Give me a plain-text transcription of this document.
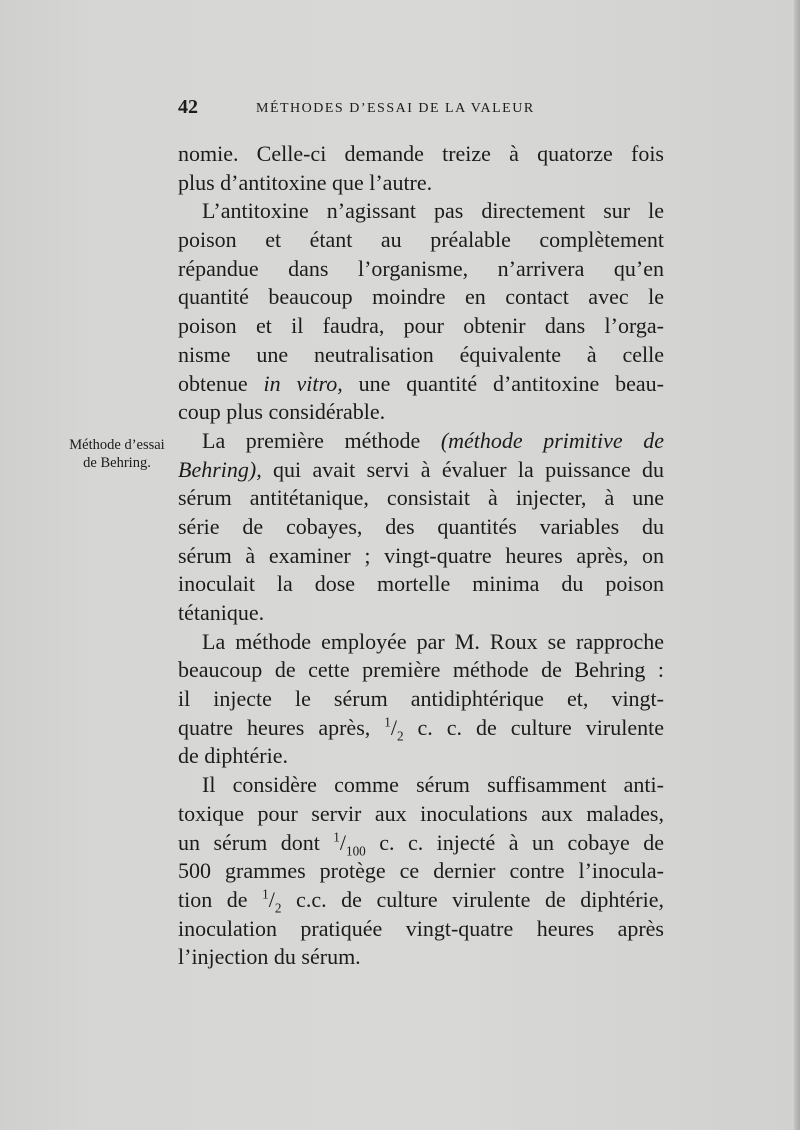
42	MÉTHODES D’ESSAI DE LA VALEUR
Méthode d’essai
de Behring.
nomie. Celle-ci demande treize à quatorze fois
plus d’antitoxine que l’autre.
L’antitoxine n’agissant pas directement sur le
poison et étant au préalable complètement
répandue dans l’organisme, n’arrivera qu’en
quantité beaucoup moindre en contact avec le
poison et il faudra, pour obtenir dans l’orga-
nisme une neutralisation équivalente à celle
obtenue in vitro, une quantité d’antitoxine beau-
coup plus considérable.
La première méthode (méthode primitive de
Behring), qui avait servi à évaluer la puissance du
sérum antitétanique, consistait à injecter, à une
série de cobayes, des quantités variables du
sérum à examiner ; vingt-quatre heures après, on
inoculait la dose mortelle minima du poison
tétanique.
La méthode employée par M. Roux se rapproche
beaucoup de cette première méthode de Behring :
il injecte le sérum antidiphtérique et, vingt-
quatre heures après, $^1/_2$ c. c. de culture virulente
de diphtérie.
Il considère comme sérum suffisamment anti-
toxique pour servir aux inoculations aux malades,
un sérum dont $^1/_{100}$ c. c. injecté à un cobaye de
500 grammes protège ce dernier contre l’inocula-
tion de $^1/_2$ c.c. de culture virulente de diphtérie,
inoculation pratiquée vingt-quatre heures après
l’injection du sérum.
